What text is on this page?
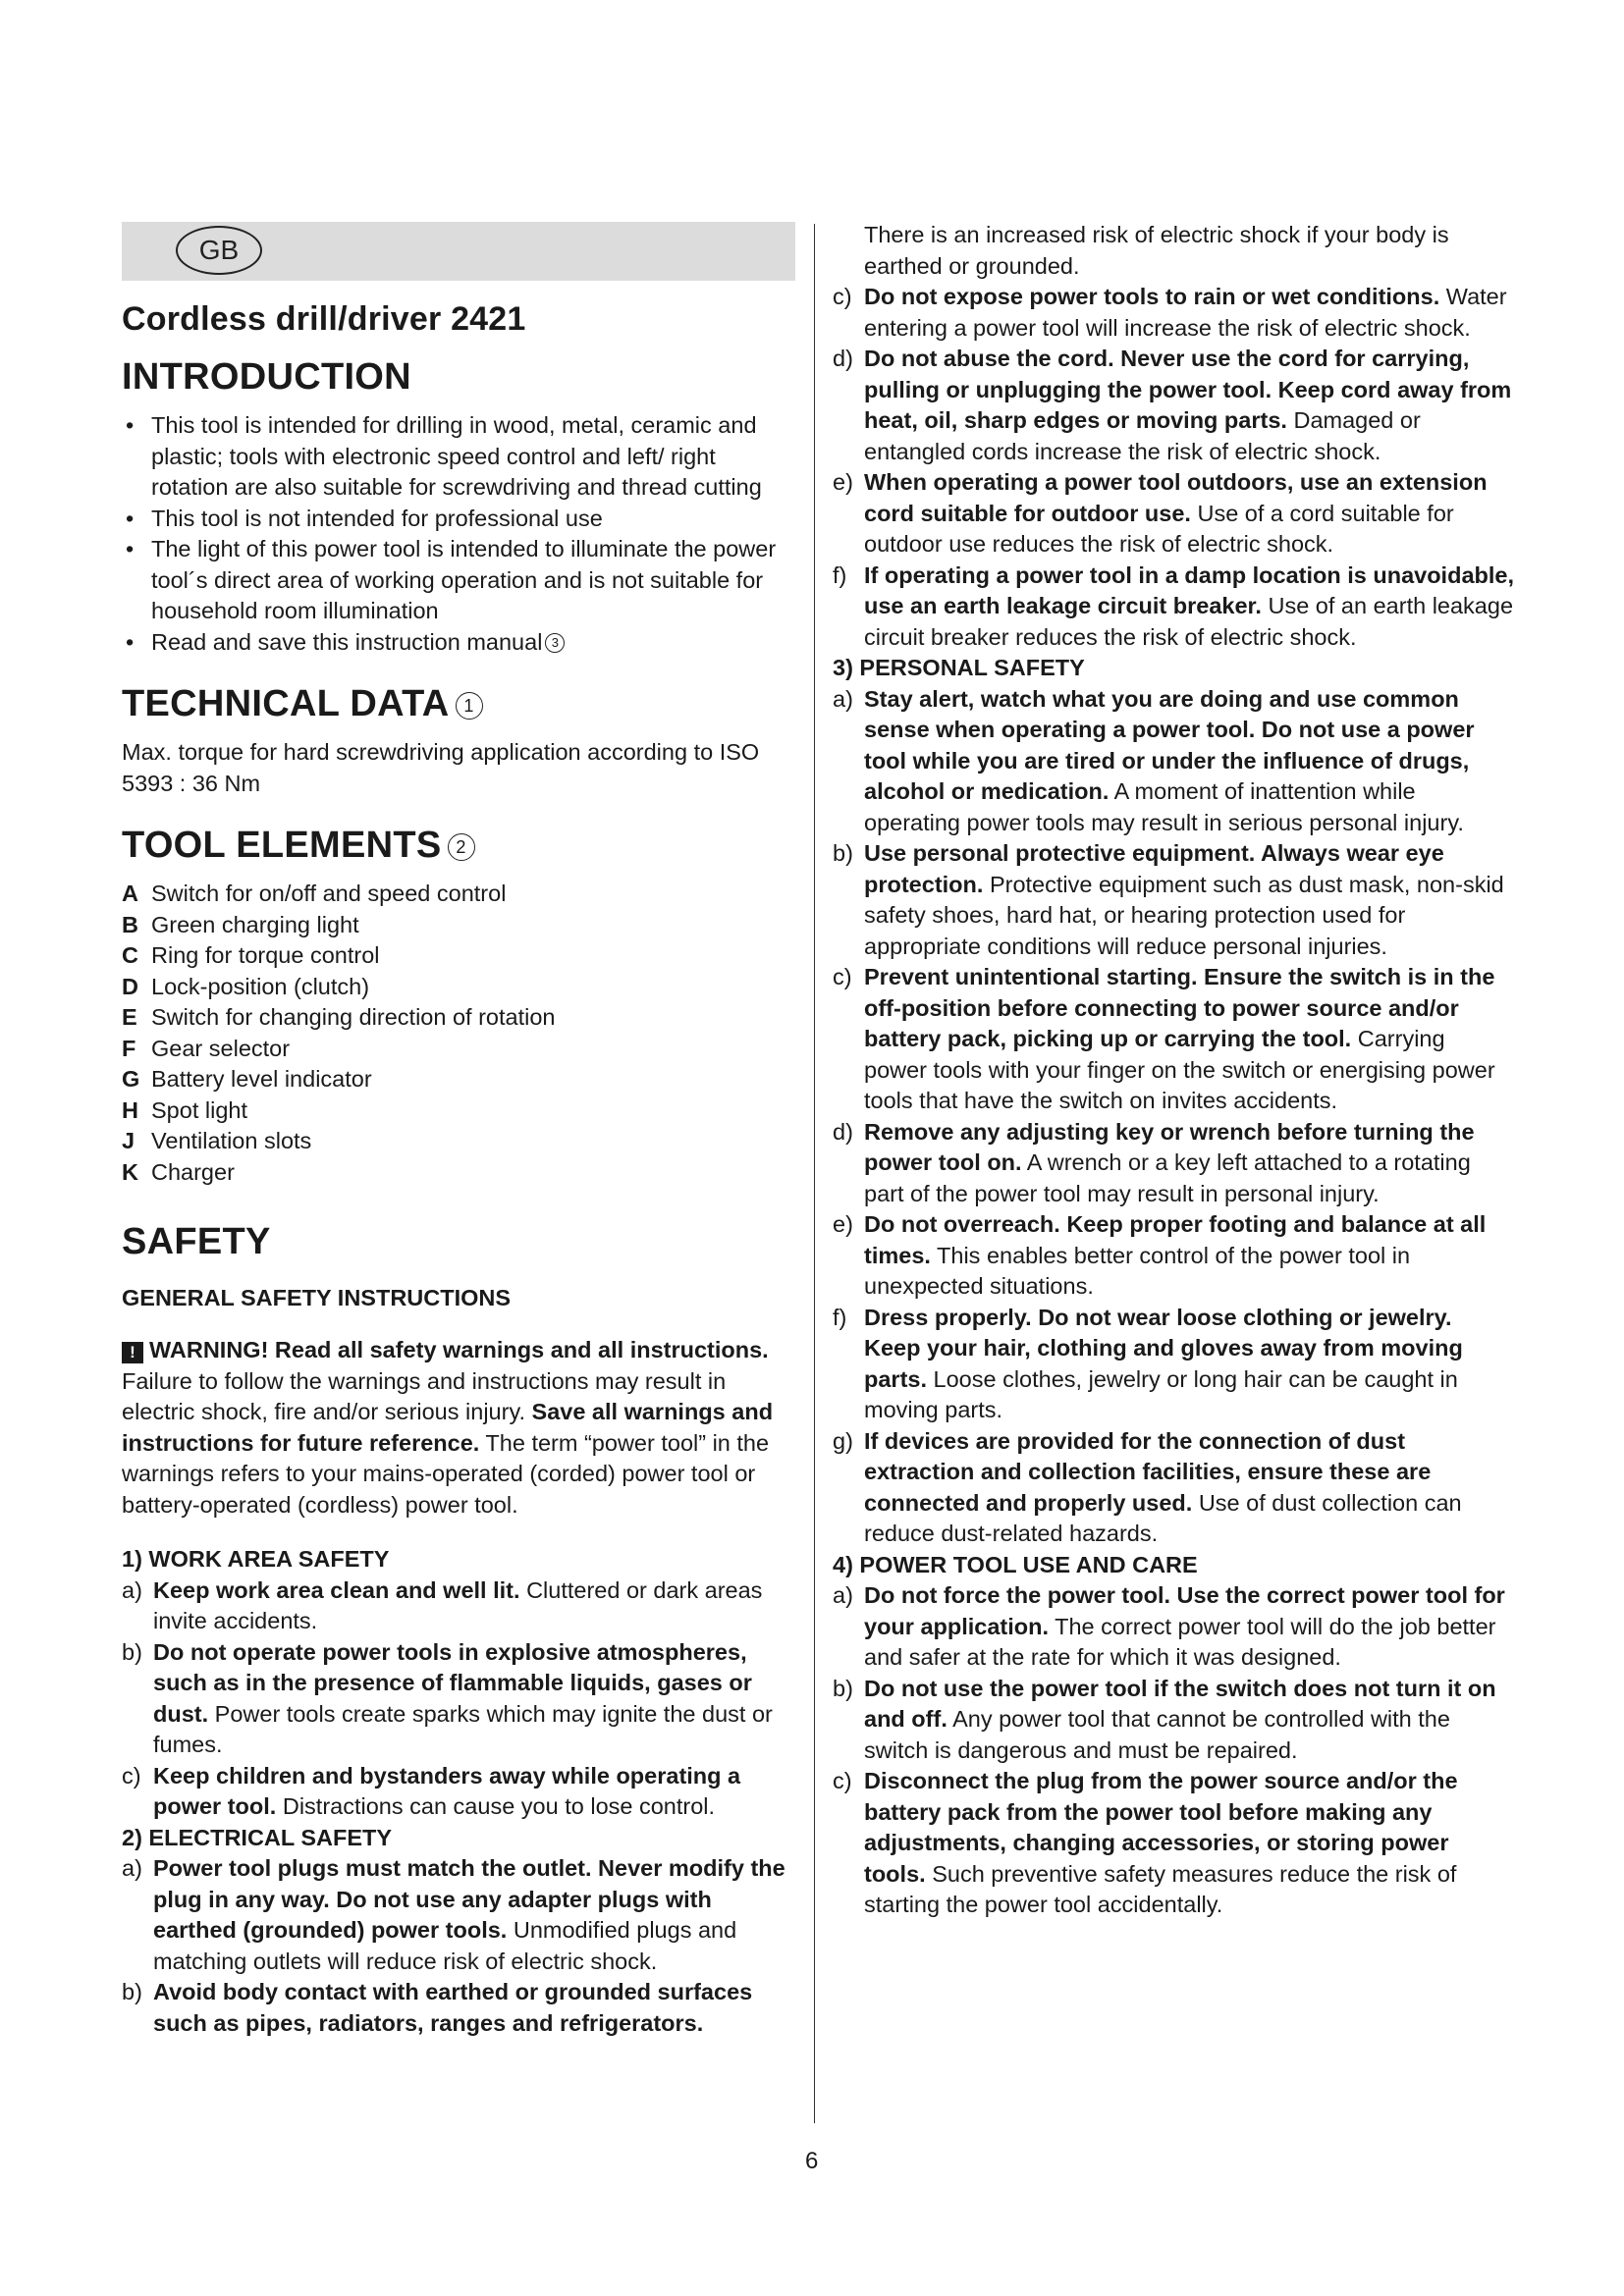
GB
Cordless drill/driver 2421
INTRODUCTION
• This tool is intended for drilling in wood, metal, ceramic and plastic; tools with electronic speed control and left/ right rotation are also suitable for screwdriving and thread cutting
• This tool is not intended for professional use
• The light of this power tool is intended to illuminate the power tool´s direct area of working operation and is not suitable for household room illumination
• Read and save this instruction manual 3
TECHNICAL DATA 1

Max. torque for hard screwdriving application according to ISO 5393 : 36 Nm

TOOL ELEMENTS 2
A Switch for on/off and speed control
B Green charging light
C Ring for torque control
D Lock-position (clutch)
E Switch for changing direction of rotation
F Gear selector
G Battery level indicator
H Spot light
J Ventilation slots
K Charger
SAFETY
GENERAL SAFETY INSTRUCTIONS

! WARNING! Read all safety warnings and all instructions. Failure to follow the warnings and instructions may result in electric shock, fire and/or serious injury. Save all warnings and instructions for future reference. The term “power tool” in the warnings refers to your mains-operated (corded) power tool or battery-operated (cordless) power tool.

1) WORK AREA SAFETY
a) Keep work area clean and well lit. Cluttered or dark areas invite accidents.
b) Do not operate power tools in explosive atmospheres, such as in the presence of flammable liquids, gases or dust. Power tools create sparks which may ignite the dust or fumes.
c) Keep children and bystanders away while operating a power tool. Distractions can cause you to lose control.
2) ELECTRICAL SAFETY
a) Power tool plugs must match the outlet. Never modify the plug in any way. Do not use any adapter plugs with earthed (grounded) power tools. Unmodified plugs and matching outlets will reduce risk of electric shock.
b) Avoid body contact with earthed or grounded surfaces such as pipes, radiators, ranges and refrigerators.
There is an increased risk of electric shock if your body is earthed or grounded.
c) Do not expose power tools to rain or wet conditions. Water entering a power tool will increase the risk of electric shock.
d) Do not abuse the cord. Never use the cord for carrying, pulling or unplugging the power tool. Keep cord away from heat, oil, sharp edges or moving parts. Damaged or entangled cords increase the risk of electric shock.
e) When operating a power tool outdoors, use an extension cord suitable for outdoor use. Use of a cord suitable for outdoor use reduces the risk of electric shock.
f) If operating a power tool in a damp location is unavoidable, use an earth leakage circuit breaker. Use of an earth leakage circuit breaker reduces the risk of electric shock.
3) PERSONAL SAFETY
a) Stay alert, watch what you are doing and use common sense when operating a power tool. Do not use a power tool while you are tired or under the influence of drugs, alcohol or medication. A moment of inattention while operating power tools may result in serious personal injury.
b) Use personal protective equipment. Always wear eye protection. Protective equipment such as dust mask, non-skid safety shoes, hard hat, or hearing protection used for appropriate conditions will reduce personal injuries.
c) Prevent unintentional starting. Ensure the switch is in the off-position before connecting to power source and/or battery pack, picking up or carrying the tool. Carrying power tools with your finger on the switch or energising power tools that have the switch on invites accidents.
d) Remove any adjusting key or wrench before turning the power tool on. A wrench or a key left attached to a rotating part of the power tool may result in personal injury.
e) Do not overreach. Keep proper footing and balance at all times. This enables better control of the power tool in unexpected situations.
f) Dress properly. Do not wear loose clothing or jewelry. Keep your hair, clothing and gloves away from moving parts. Loose clothes, jewelry or long hair can be caught in moving parts.
g) If devices are provided for the connection of dust extraction and collection facilities, ensure these are connected and properly used. Use of dust collection can reduce dust-related hazards.
4) POWER TOOL USE AND CARE
a) Do not force the power tool. Use the correct power tool for your application. The correct power tool will do the job better and safer at the rate for which it was designed.
b) Do not use the power tool if the switch does not turn it on and off. Any power tool that cannot be controlled with the switch is dangerous and must be repaired.
c) Disconnect the plug from the power source and/or the battery pack from the power tool before making any adjustments, changing accessories, or storing power tools. Such preventive safety measures reduce the risk of starting the power tool accidentally.
6
